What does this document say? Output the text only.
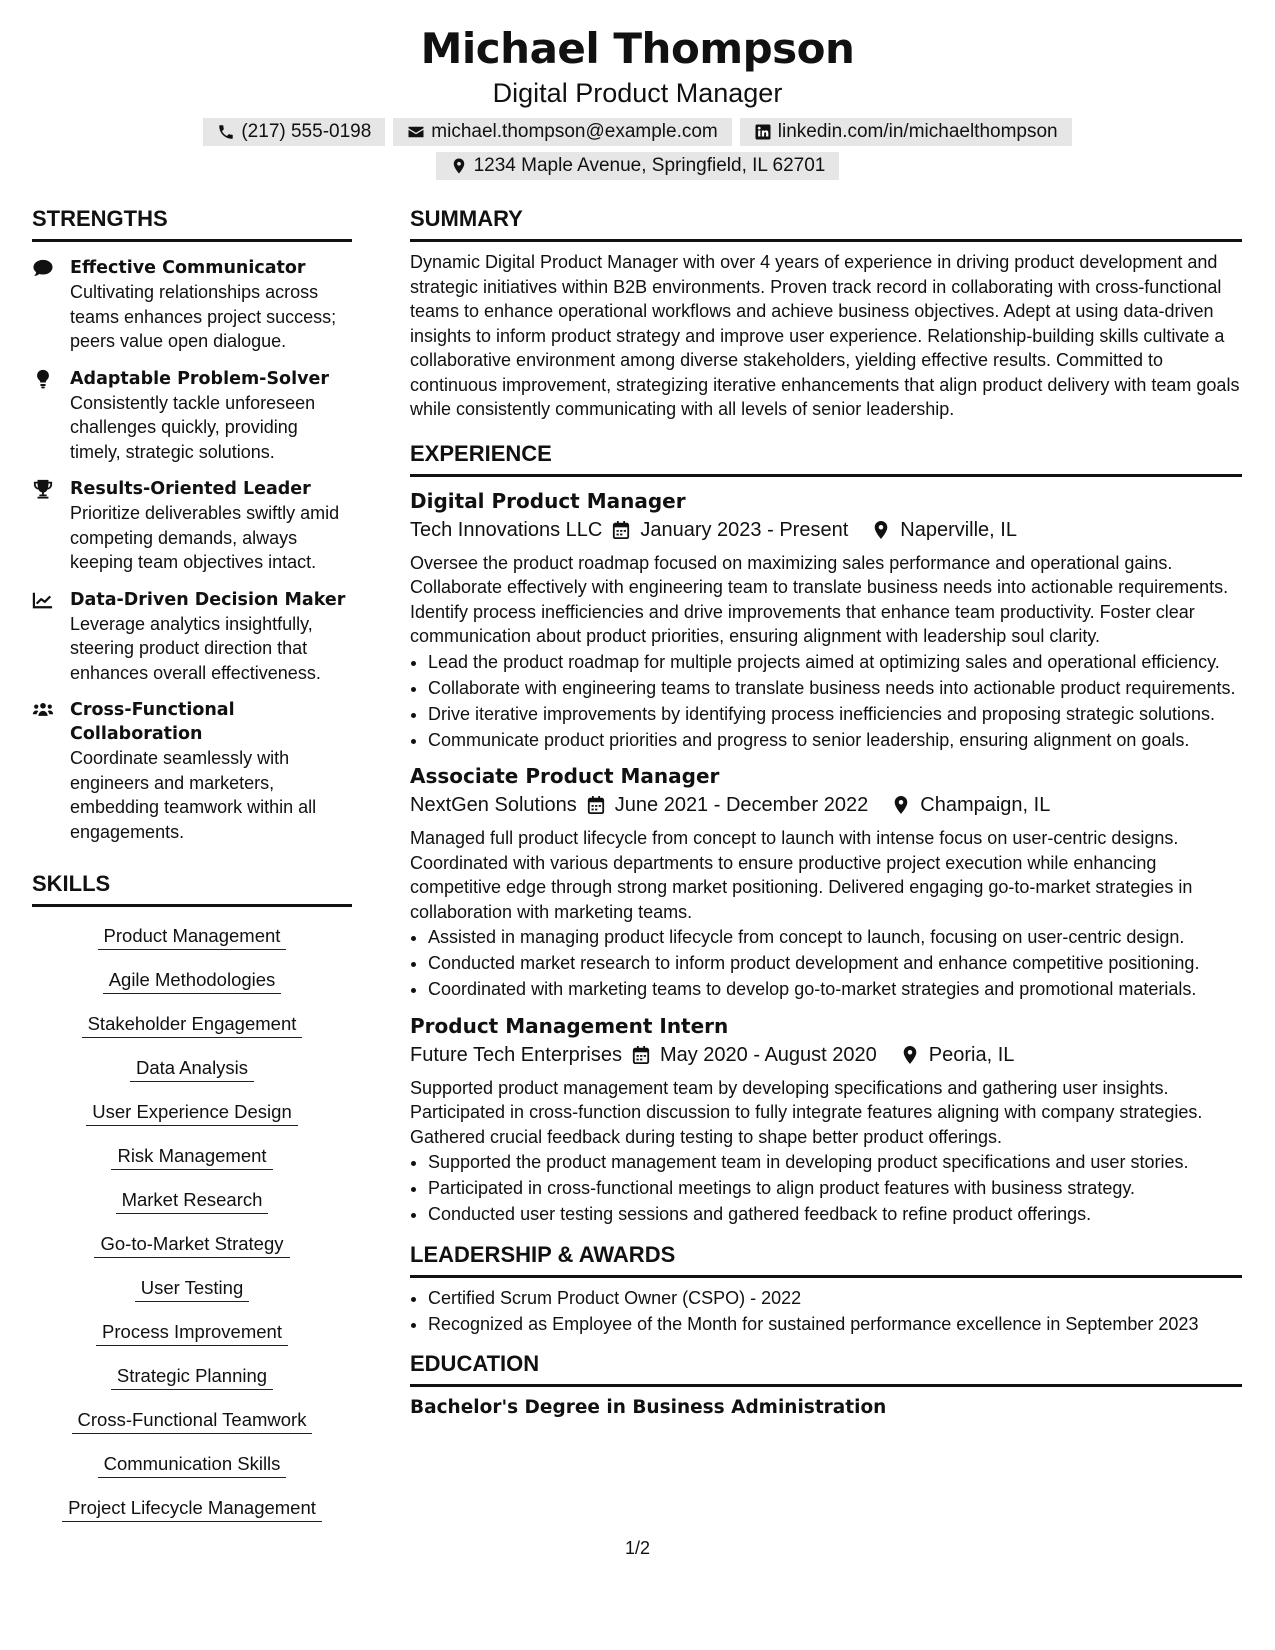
Michael Thompson
Digital Product Manager
(217) 555-0198	michael.thompson@example.com	linkedin.com/in/michaelthompson
1234 Maple Avenue, Springfield, IL 62701
STRENGTHS
Effective Communicator
Cultivating relationships across teams enhances project success; peers value open dialogue.
Adaptable Problem-Solver
Consistently tackle unforeseen challenges quickly, providing timely, strategic solutions.
Results-Oriented Leader
Prioritize deliverables swiftly amid competing demands, always keeping team objectives intact.
Data-Driven Decision Maker
Leverage analytics insightfully, steering product direction that enhances overall effectiveness.
Cross-Functional Collaboration
Coordinate seamlessly with engineers and marketers, embedding teamwork within all engagements.
SKILLS
Product Management
Agile Methodologies
Stakeholder Engagement
Data Analysis
User Experience Design
Risk Management
Market Research
Go-to-Market Strategy
User Testing
Process Improvement
Strategic Planning
Cross-Functional Teamwork
Communication Skills
Project Lifecycle Management
SUMMARY

Dynamic Digital Product Manager with over 4 years of experience in driving product development and strategic initiatives within B2B environments. Proven track record in collaborating with cross-functional teams to enhance operational workflows and achieve business objectives. Adept at using data-driven insights to inform product strategy and improve user experience. Relationship-building skills cultivate a collaborative environment among diverse stakeholders, yielding effective results. Committed to continuous improvement, strategizing iterative enhancements that align product delivery with team goals while consistently communicating with all levels of senior leadership.

EXPERIENCE
Digital Product Manager
Tech Innovations LLC January 2023 - Present	Naperville, IL

Oversee the product roadmap focused on maximizing sales performance and operational gains. Collaborate effectively with engineering team to translate business needs into actionable requirements. Identify process inefficiencies and drive improvements that enhance team productivity. Foster clear communication about product priorities, ensuring alignment with leadership soul clarity.

• Lead the product roadmap for multiple projects aimed at optimizing sales and operational efficiency.
• Collaborate with engineering teams to translate business needs into actionable product requirements.
• Drive iterative improvements by identifying process inefficiencies and proposing strategic solutions.
• Communicate product priorities and progress to senior leadership, ensuring alignment on goals.
Associate Product Manager
NextGen Solutions June 2021 - December 2022	Champaign, IL

Managed full product lifecycle from concept to launch with intense focus on user-centric designs. Coordinated with various departments to ensure productive project execution while enhancing competitive edge through strong market positioning. Delivered engaging go-to-market strategies in collaboration with marketing teams.

• Assisted in managing product lifecycle from concept to launch, focusing on user-centric design.
• Conducted market research to inform product development and enhance competitive positioning.
• Coordinated with marketing teams to develop go-to-market strategies and promotional materials.
Product Management Intern
Future Tech Enterprises May 2020 - August 2020	Peoria, IL

Supported product management team by developing specifications and gathering user insights. Participated in cross-function discussion to fully integrate features aligning with company strategies. Gathered crucial feedback during testing to shape better product offerings.

• Supported the product management team in developing product specifications and user stories.
• Participated in cross-functional meetings to align product features with business strategy.
• Conducted user testing sessions and gathered feedback to refine product offerings.
LEADERSHIP & AWARDS
• Certified Scrum Product Owner (CSPO) - 2022
• Recognized as Employee of the Month for sustained performance excellence in September 2023
EDUCATION
Bachelor's Degree in Business Administration
1/2
